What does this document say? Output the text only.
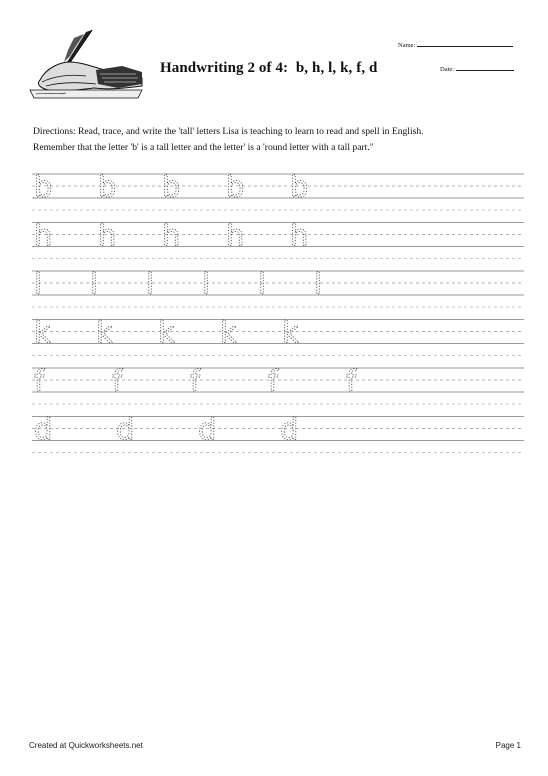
Handwriting 2 of 4:  b, h, l, k, f, d
Name:
Date:
Directions: Read, trace, and write the 'tall' letters Lisa is teaching to learn to read and spell in English.
Remember that the letter 'b' is a tall letter and the letter' is a 'round letter with a tall part."
b b b b b
h h h h h
l l l l l l
k k k k k
f f f f f
d d d d
Created at Quickworksheets.net	Page 1
